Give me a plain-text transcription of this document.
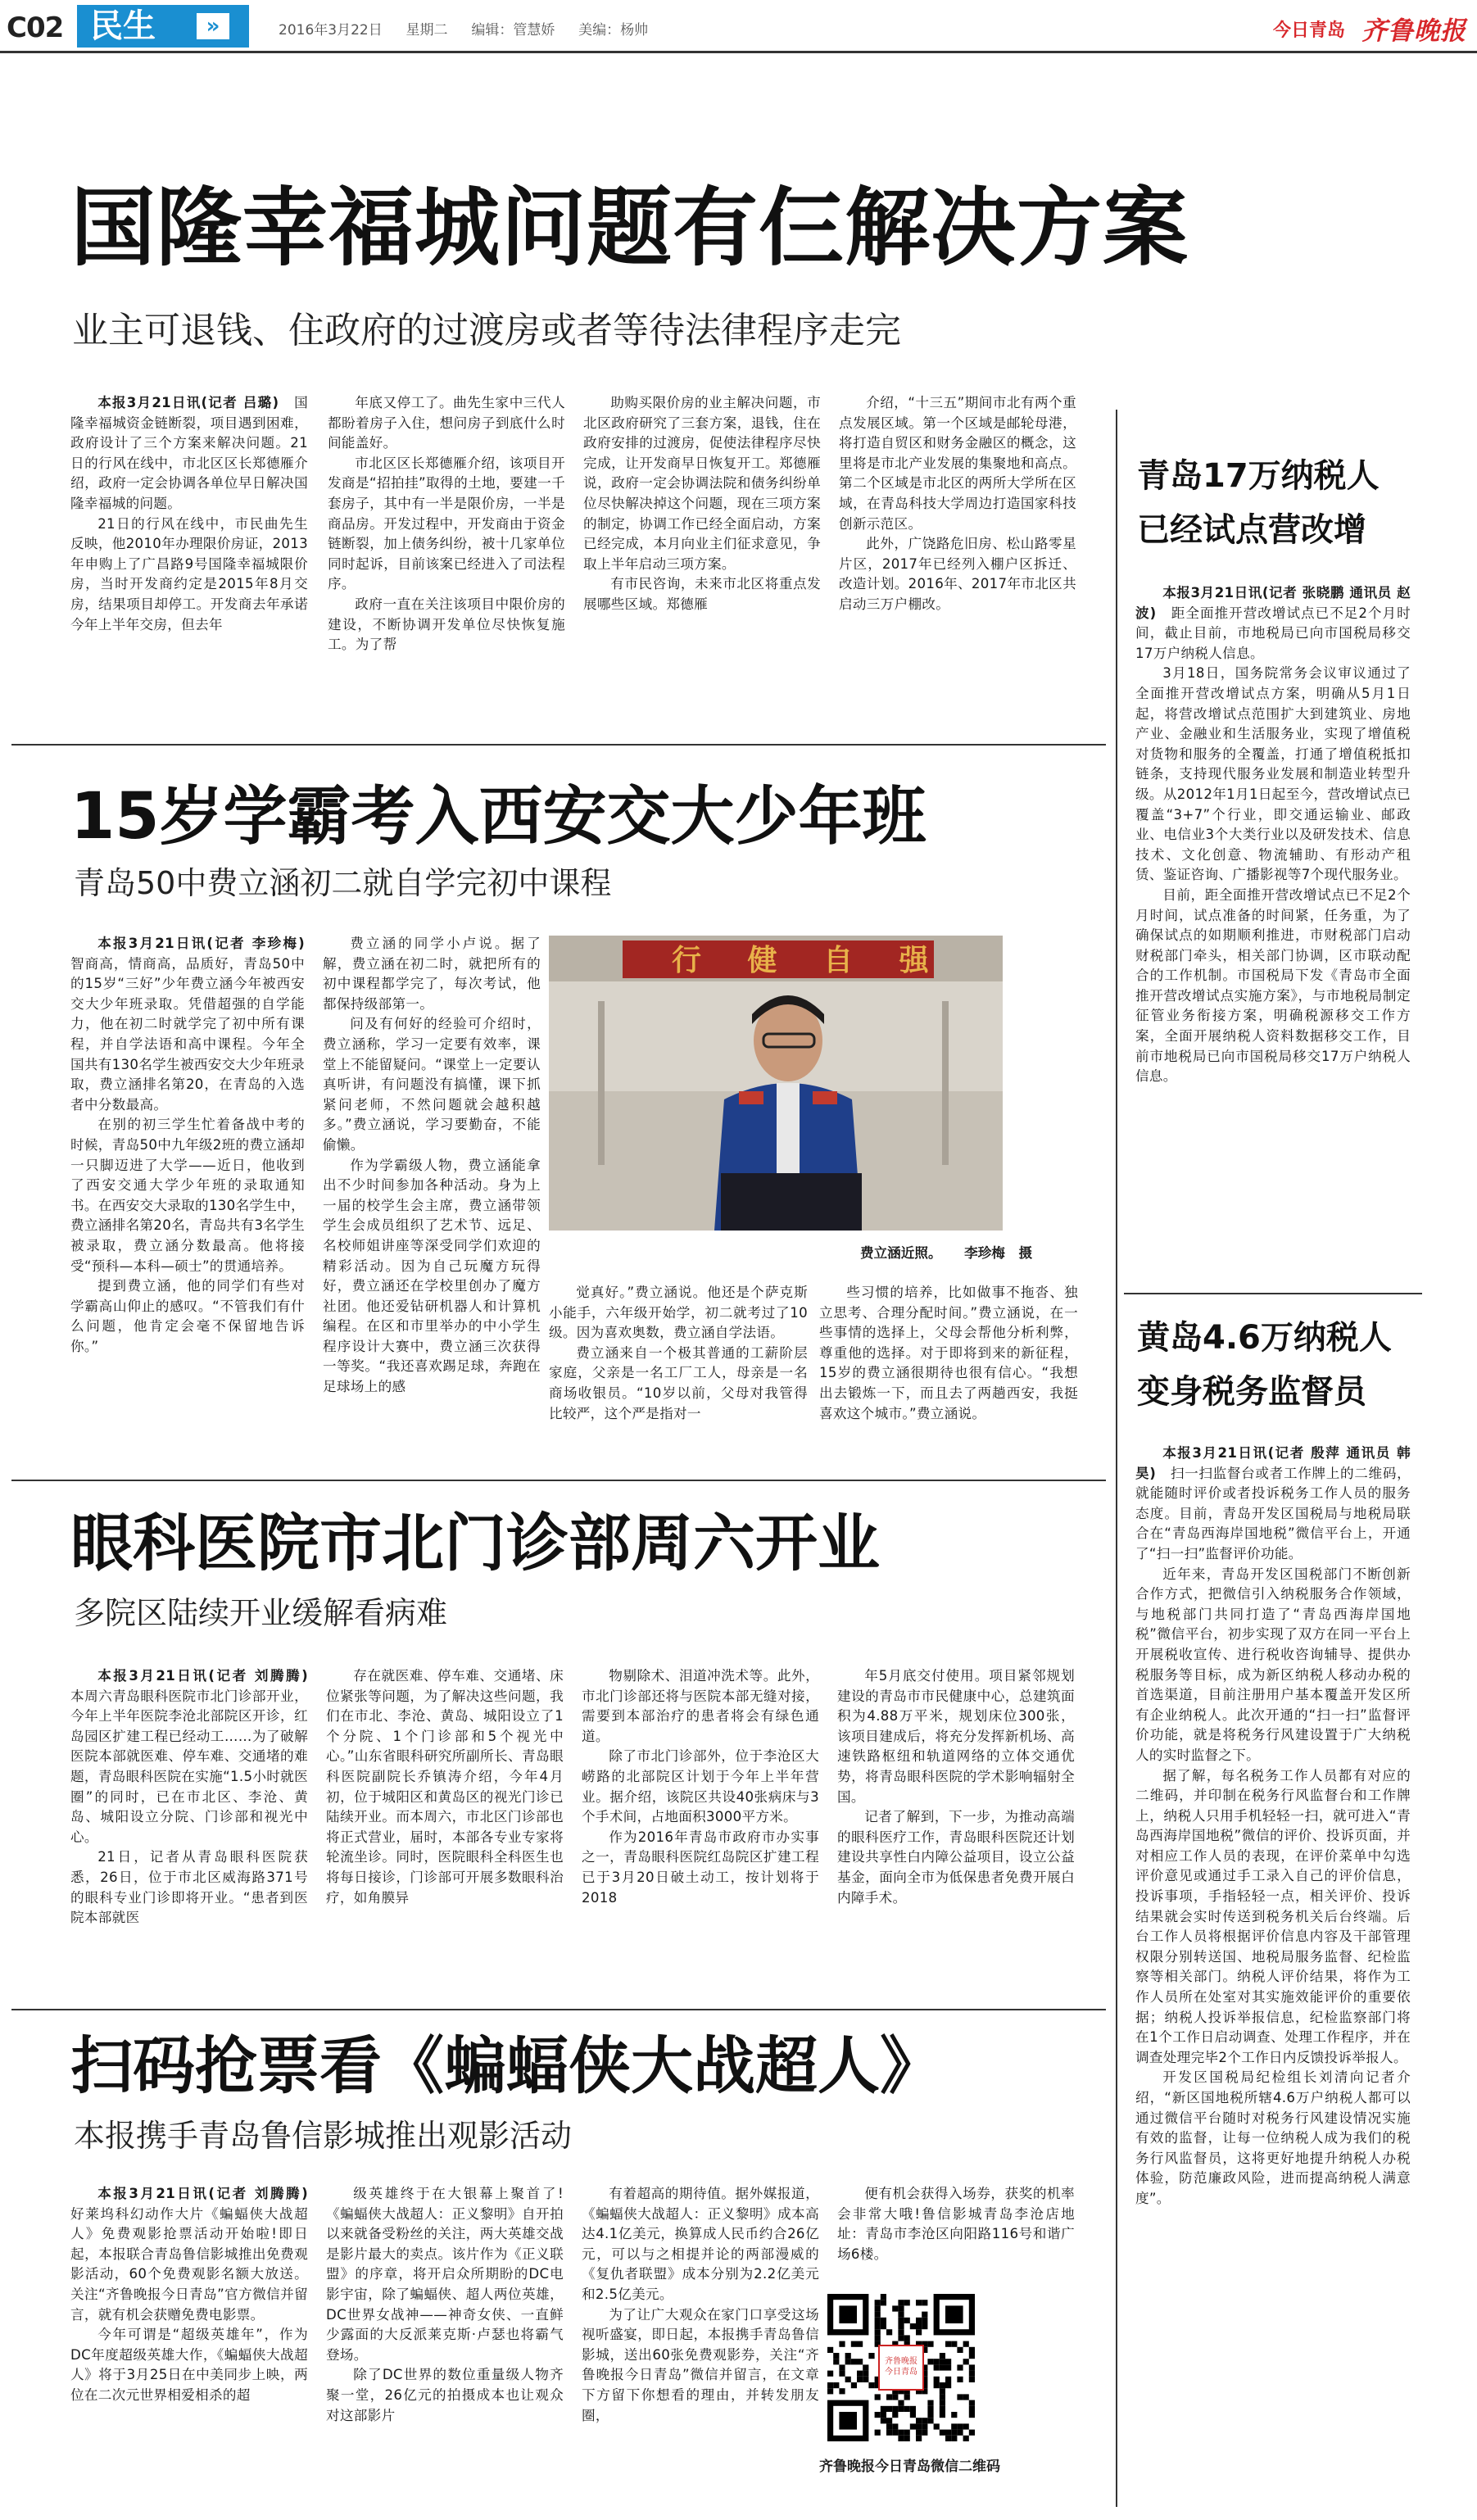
C02 民生	»	2016年3月22日 星期二 编辑：管慧娇 美编：杨帅	今日青岛 齐鲁晚报
国隆幸福城问题有仨解决方案
业主可退钱、住政府的过渡房或者等待法律程序走完

本报3月21日讯(记者 吕璐)　 国隆幸福城资金链断裂，项目遇到困难，政府设计了三个方案来解决问题。21日的行风在线中，市北区区长郑德雁介绍，政府一定会协调各单位早日解决国隆幸福城的问题。

21日的行风在线中，市民曲先生反映，他2010年办理限价房证，2013年申购上了广昌路9号国隆幸福城限价房，当时开发商约定是2015年8月交房，结果项目却停工。开发商去年承诺今年上半年交房，但去年

年底又停工了。曲先生家中三代人都盼着房子入住，想问房子到底什么时间能盖好。

市北区区长郑德雁介绍，该项目开发商是“招拍挂”取得的土地，要建一千套房子，其中有一半是限价房，一半是商品房。开发过程中，开发商由于资金链断裂，加上债务纠纷，被十几家单位同时起诉，目前该案已经进入了司法程序。

政府一直在关注该项目中限价房的建设，不断协调开发单位尽快恢复施工。为了帮

助购买限价房的业主解决问题，市北区政府研究了三套方案，退钱，住在政府安排的过渡房，促使法律程序尽快完成，让开发商早日恢复开工。郑德雁说，政府一定会协调法院和债务纠纷单位尽快解决掉这个问题，现在三项方案的制定，协调工作已经全面启动，方案已经完成，本月向业主们征求意见，争取上半年启动三项方案。

有市民咨询，未来市北区将重点发展哪些区域。郑德雁

介绍，“十三五”期间市北有两个重点发展区域。第一个区域是邮轮母港，将打造自贸区和财务金融区的概念，这里将是市北产业发展的集聚地和高点。第二个区域是市北区的两所大学所在区域，在青岛科技大学周边打造国家科技创新示范区。

此外，广饶路危旧房、松山路零星片区，2017年已经列入棚户区拆迁、改造计划。2016年、2017年市北区共启动三万户棚改。

15岁学霸考入西安交大少年班
青岛50中费立涵初二就自学完初中课程

本报3月21日讯(记者 李珍梅)　智商高，情商高，品质好，青岛50中的15岁“三好”少年费立涵今年被西安交大少年班录取。凭借超强的自学能力，他在初二时就学完了初中所有课程，并自学法语和高中课程。今年全国共有130名学生被西安交大少年班录取，费立涵排名第20，在青岛的入选者中分数最高。

在别的初三学生忙着备战中考的时候，青岛50中九年级2班的费立涵却一只脚迈进了大学——近日，他收到了西安交通大学少年班的录取通知书。在西安交大录取的130名学生中，费立涵排名第20名，青岛共有3名学生被录取，费立涵分数最高。他将接受“预科—本科—硕士”的贯通培养。

提到费立涵，他的同学们有些对学霸高山仰止的感叹。“不管我们有什么问题，他肯定会毫不保留地告诉你。”

费立涵的同学小卢说。据了解，费立涵在初二时，就把所有的初中课程都学完了，每次考试，他都保持级部第一。

问及有何好的经验可介绍时，费立涵称，学习一定要有效率，课堂上不能留疑问。“课堂上一定要认真听讲，有问题没有搞懂，课下抓紧问老师，不然问题就会越积越多。”费立涵说，学习要勤奋，不能偷懒。

作为学霸级人物，费立涵能拿出不少时间参加各种活动。身为上一届的校学生会主席，费立涵带领学生会成员组织了艺术节、远足、名校师姐讲座等深受同学们欢迎的精彩活动。因为自己玩魔方玩得好，费立涵还在学校里创办了魔方社团。他还爱钻研机器人和计算机编程。在区和市里举办的中小学生程序设计大赛中，费立涵三次获得一等奖。“我还喜欢踢足球，奔跑在足球场上的感

觉真好。”费立涵说。他还是个萨克斯小能手，六年级开始学，初二就考过了10级。因为喜欢奥数，费立涵自学法语。

费立涵来自一个极其普通的工薪阶层家庭，父亲是一名工厂工人，母亲是一名商场收银员。“10岁以前，父母对我管得比较严，这个严是指对一

些习惯的培养，比如做事不拖沓、独立思考、合理分配时间。”费立涵说，在一些事情的选择上，父母会帮他分析利弊，尊重他的选择。对于即将到来的新征程，15岁的费立涵很期待也很有信心。“我想出去锻炼一下，而且去了两趟西安，我挺喜欢这个城市。”费立涵说。

行 健 自 强
费立涵近照。 李珍梅　摄
眼科医院市北门诊部周六开业
多院区陆续开业缓解看病难

本报3月21日讯(记者 刘腾腾)　本周六青岛眼科医院市北门诊部开业，今年上半年医院李沧北部院区开诊，红岛园区扩建工程已经动工……为了破解医院本部就医难、停车难、交通堵的难题，青岛眼科医院在实施“1.5小时就医圈”的同时，已在市北区、李沧、黄岛、城阳设立分院、门诊部和视光中心。

21日，记者从青岛眼科医院获悉，26日，位于市北区威海路371号的眼科专业门诊即将开业。“患者到医院本部就医

存在就医难、停车难、交通堵、床位紧张等问题，为了解决这些问题，我们在市北、李沧、黄岛、城阳设立了1个分院、1个门诊部和5个视光中心。”山东省眼科研究所副所长、青岛眼科医院副院长乔镇涛介绍，今年4月初，位于城阳区和黄岛区的视光门诊已陆续开业。而本周六，市北区门诊部也将正式营业，届时，本部各专业专家将轮流坐诊。同时，医院眼科全科医生也将每日接诊，门诊部可开展多数眼科治疗，如角膜异

物剔除术、泪道冲洗术等。此外，市北门诊部还将与医院本部无缝对接，需要到本部治疗的患者将会有绿色通道。

除了市北门诊部外，位于李沧区大崂路的北部院区计划于今年上半年营业。据介绍，该院区共设40张病床与3个手术间，占地面积3000平方米。

作为2016年青岛市政府市办实事之一，青岛眼科医院红岛院区扩建工程已于3月20日破土动工，按计划将于2018

年5月底交付使用。项目紧邻规划建设的青岛市市民健康中心，总建筑面积为4.88万平米，规划床位300张，该项目建成后，将充分发挥新机场、高速铁路枢纽和轨道网络的立体交通优势，将青岛眼科医院的学术影响辐射全国。

记者了解到，下一步，为推动高端的眼科医疗工作，青岛眼科医院还计划建设共享性白内障公益项目，设立公益基金，面向全市为低保患者免费开展白内障手术。

扫码抢票看《蝙蝠侠大战超人》
本报携手青岛鲁信影城推出观影活动

本报3月21日讯(记者 刘腾腾)　好莱坞科幻动作大片《蝙蝠侠大战超人》免费观影抢票活动开始啦!即日起，本报联合青岛鲁信影城推出免费观影活动，60个免费观影名额大放送。关注“齐鲁晚报今日青岛”官方微信并留言，就有机会获赠免费电影票。

今年可谓是“超级英雄年”，作为DC年度超级英雄大作，《蝙蝠侠大战超人》将于3月25日在中美同步上映，两位在二次元世界相爱相杀的超

级英雄终于在大银幕上聚首了!《蝙蝠侠大战超人：正义黎明》自开拍以来就备受粉丝的关注，两大英雄交战是影片最大的卖点。该片作为《正义联盟》的序章，将开启众所期盼的DC电影宇宙，除了蝙蝠侠、超人两位英雄，DC世界女战神——神奇女侠、一直鲜少露面的大反派莱克斯·卢瑟也将霸气登场。

除了DC世界的数位重量级人物齐聚一堂，26亿元的拍摄成本也让观众对这部影片

有着超高的期待值。据外媒报道，《蝙蝠侠大战超人：正义黎明》成本高达4.1亿美元，换算成人民币约合26亿元，可以与之相提并论的两部漫威的《复仇者联盟》成本分别为2.2亿美元和2.5亿美元。

为了让广大观众在家门口享受这场视听盛宴，即日起，本报携手青岛鲁信影城，送出60张免费观影券，关注“齐鲁晚报今日青岛”微信并留言，在文章下方留下你想看的理由，并转发朋友圈，

便有机会获得入场券，获奖的机率会非常大哦!鲁信影城青岛李沧店地址：青岛市李沧区向阳路116号和谐广场6楼。

齐鲁晚报
今日青岛
齐鲁晚报今日青岛微信二维码
青岛17万纳税人
已经试点营改增

本报3月21日讯(记者 张晓鹏 通讯员 赵波)　 距全面推开营改增试点已不足2个月时间，截止目前，市地税局已向市国税局移交17万户纳税人信息。

3月18日，国务院常务会议审议通过了全面推开营改增试点方案，明确从5月1日起，将营改增试点范围扩大到建筑业、房地产业、金融业和生活服务业，实现了增值税对货物和服务的全覆盖，打通了增值税抵扣链条，支持现代服务业发展和制造业转型升级。从2012年1月1日起至今，营改增试点已覆盖“3+7”个行业，即交通运输业、邮政业、电信业3个大类行业以及研发技术、信息技术、文化创意、物流辅助、有形动产租赁、鉴证咨询、广播影视等7个现代服务业。

目前，距全面推开营改增试点已不足2个月时间，试点准备的时间紧，任务重，为了确保试点的如期顺利推进，市财税部门启动财税部门牵头，相关部门协调，区市联动配合的工作机制。市国税局下发《青岛市全面推开营改增试点实施方案》，与市地税局制定征管业务衔接方案，明确税源移交工作方案，全面开展纳税人资料数据移交工作，目前市地税局已向市国税局移交17万户纳税人信息。

黄岛4.6万纳税人
变身税务监督员

本报3月21日讯(记者 殷萍 通讯员 韩昊)　 扫一扫监督台或者工作牌上的二维码，就能随时评价或者投诉税务工作人员的服务态度。目前，青岛开发区国税局与地税局联合在“青岛西海岸国地税”微信平台上，开通了“扫一扫”监督评价功能。

近年来，青岛开发区国税部门不断创新合作方式，把微信引入纳税服务合作领域，与地税部门共同打造了“青岛西海岸国地税”微信平台，初步实现了双方在同一平台上开展税收宣传、进行税收咨询辅导、提供办税服务等目标，成为新区纳税人移动办税的首选渠道，目前注册用户基本覆盖开发区所有企业纳税人。此次开通的“扫一扫”监督评价功能，就是将税务行风建设置于广大纳税人的实时监督之下。

据了解，每名税务工作人员都有对应的二维码，并印制在税务行风监督台和工作牌上，纳税人只用手机轻轻一扫，就可进入“青岛西海岸国地税”微信的评价、投诉页面，并对相应工作人员的表现，在评价菜单中勾选评价意见或通过手工录入自己的评价信息，投诉事项，手指轻轻一点，相关评价、投诉结果就会实时传送到税务机关后台终端。后台工作人员将根据评价信息内容及干部管理权限分别转送国、地税局服务监督、纪检监察等相关部门。纳税人评价结果，将作为工作人员所在处室对其实施效能评价的重要依据；纳税人投诉举报信息，纪检监察部门将在1个工作日启动调查、处理工作程序，并在调查处理完毕2个工作日内反馈投诉举报人。

开发区国税局纪检组长刘清向记者介绍，“新区国地税所辖4.6万户纳税人都可以通过微信平台随时对税务行风建设情况实施有效的监督，让每一位纳税人成为我们的税务行风监督员，这将更好地提升纳税人办税体验，防范廉政风险，进而提高纳税人满意度”。
